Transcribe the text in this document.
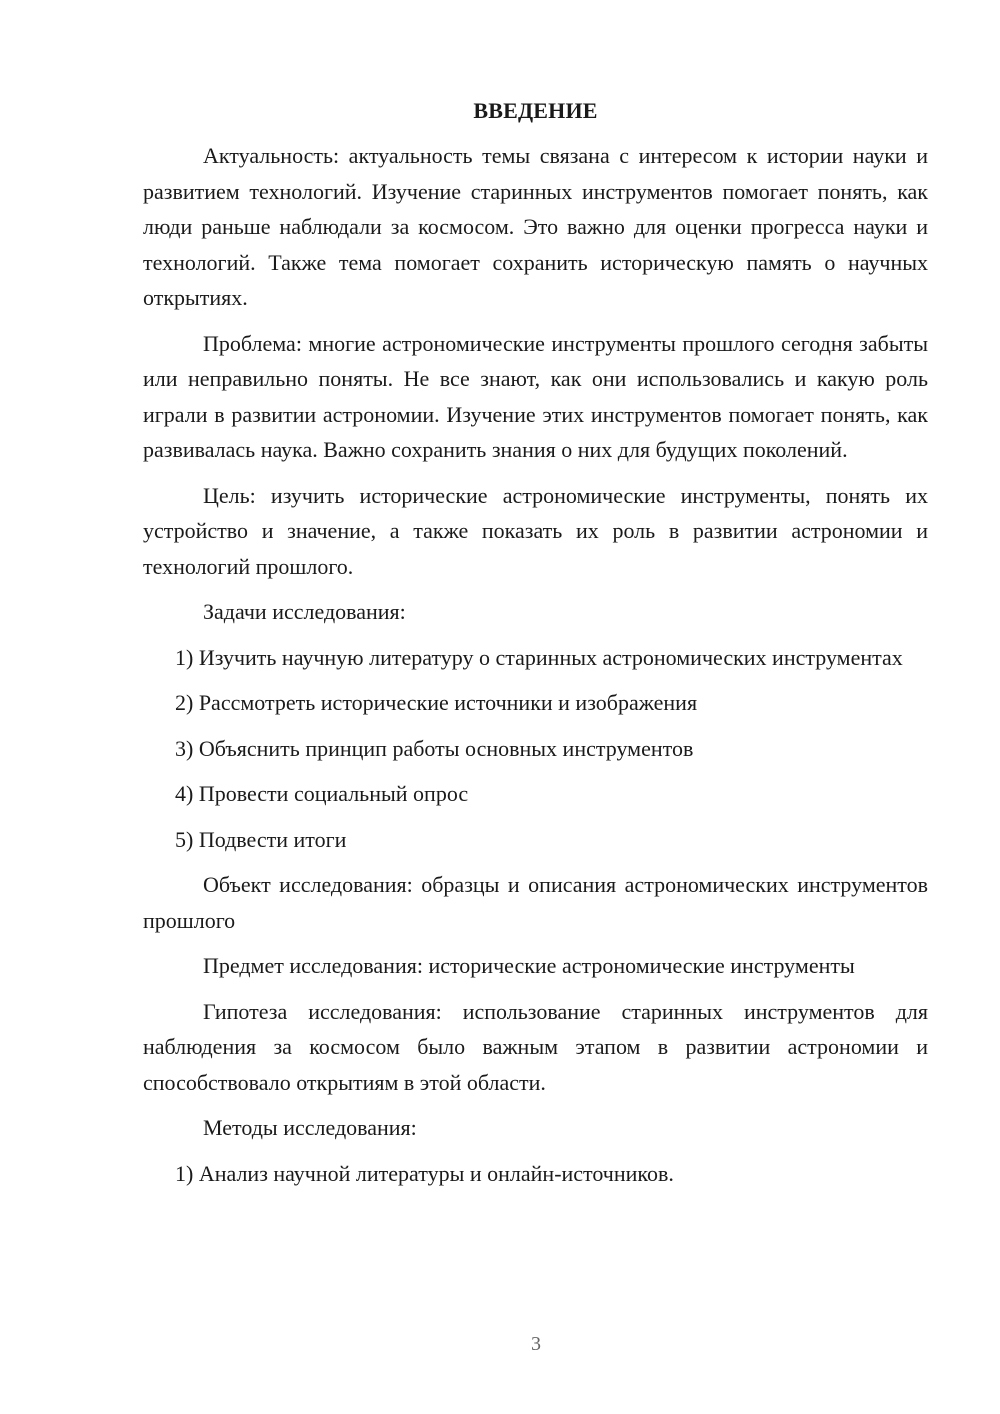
ВВЕДЕНИЕ

Актуальность: актуальность темы связана с интересом к истории науки и развитием технологий. Изучение старинных инструментов помогает понять, как люди раньше наблюдали за космосом. Это важно для оценки прогресса науки и технологий. Также тема помогает сохранить историческую память о научных открытиях.

Проблема: многие астрономические инструменты прошлого сегодня забыты или неправильно поняты. Не все знают, как они использовались и какую роль играли в развитии астрономии. Изучение этих инструментов помогает понять, как развивалась наука. Важно сохранить знания о них для будущих поколений.

Цель: изучить исторические астрономические инструменты, понять их устройство и значение, а также показать их роль в развитии астрономии и технологий прошлого.

Задачи исследования:

1) Изучить научную литературу о старинных астрономических инструментах

2) Рассмотреть исторические источники и изображения

3) Объяснить принцип работы основных инструментов

4) Провести социальный опрос

5) Подвести итоги

Объект исследования: образцы и описания астрономических инструментов прошлого

Предмет исследования: исторические астрономические инструменты

Гипотеза исследования: использование старинных инструментов для наблюдения за космосом было важным этапом в развитии астрономии и способствовало открытиям в этой области.

Методы исследования:

1) Анализ научной литературы и онлайн-источников.

3
